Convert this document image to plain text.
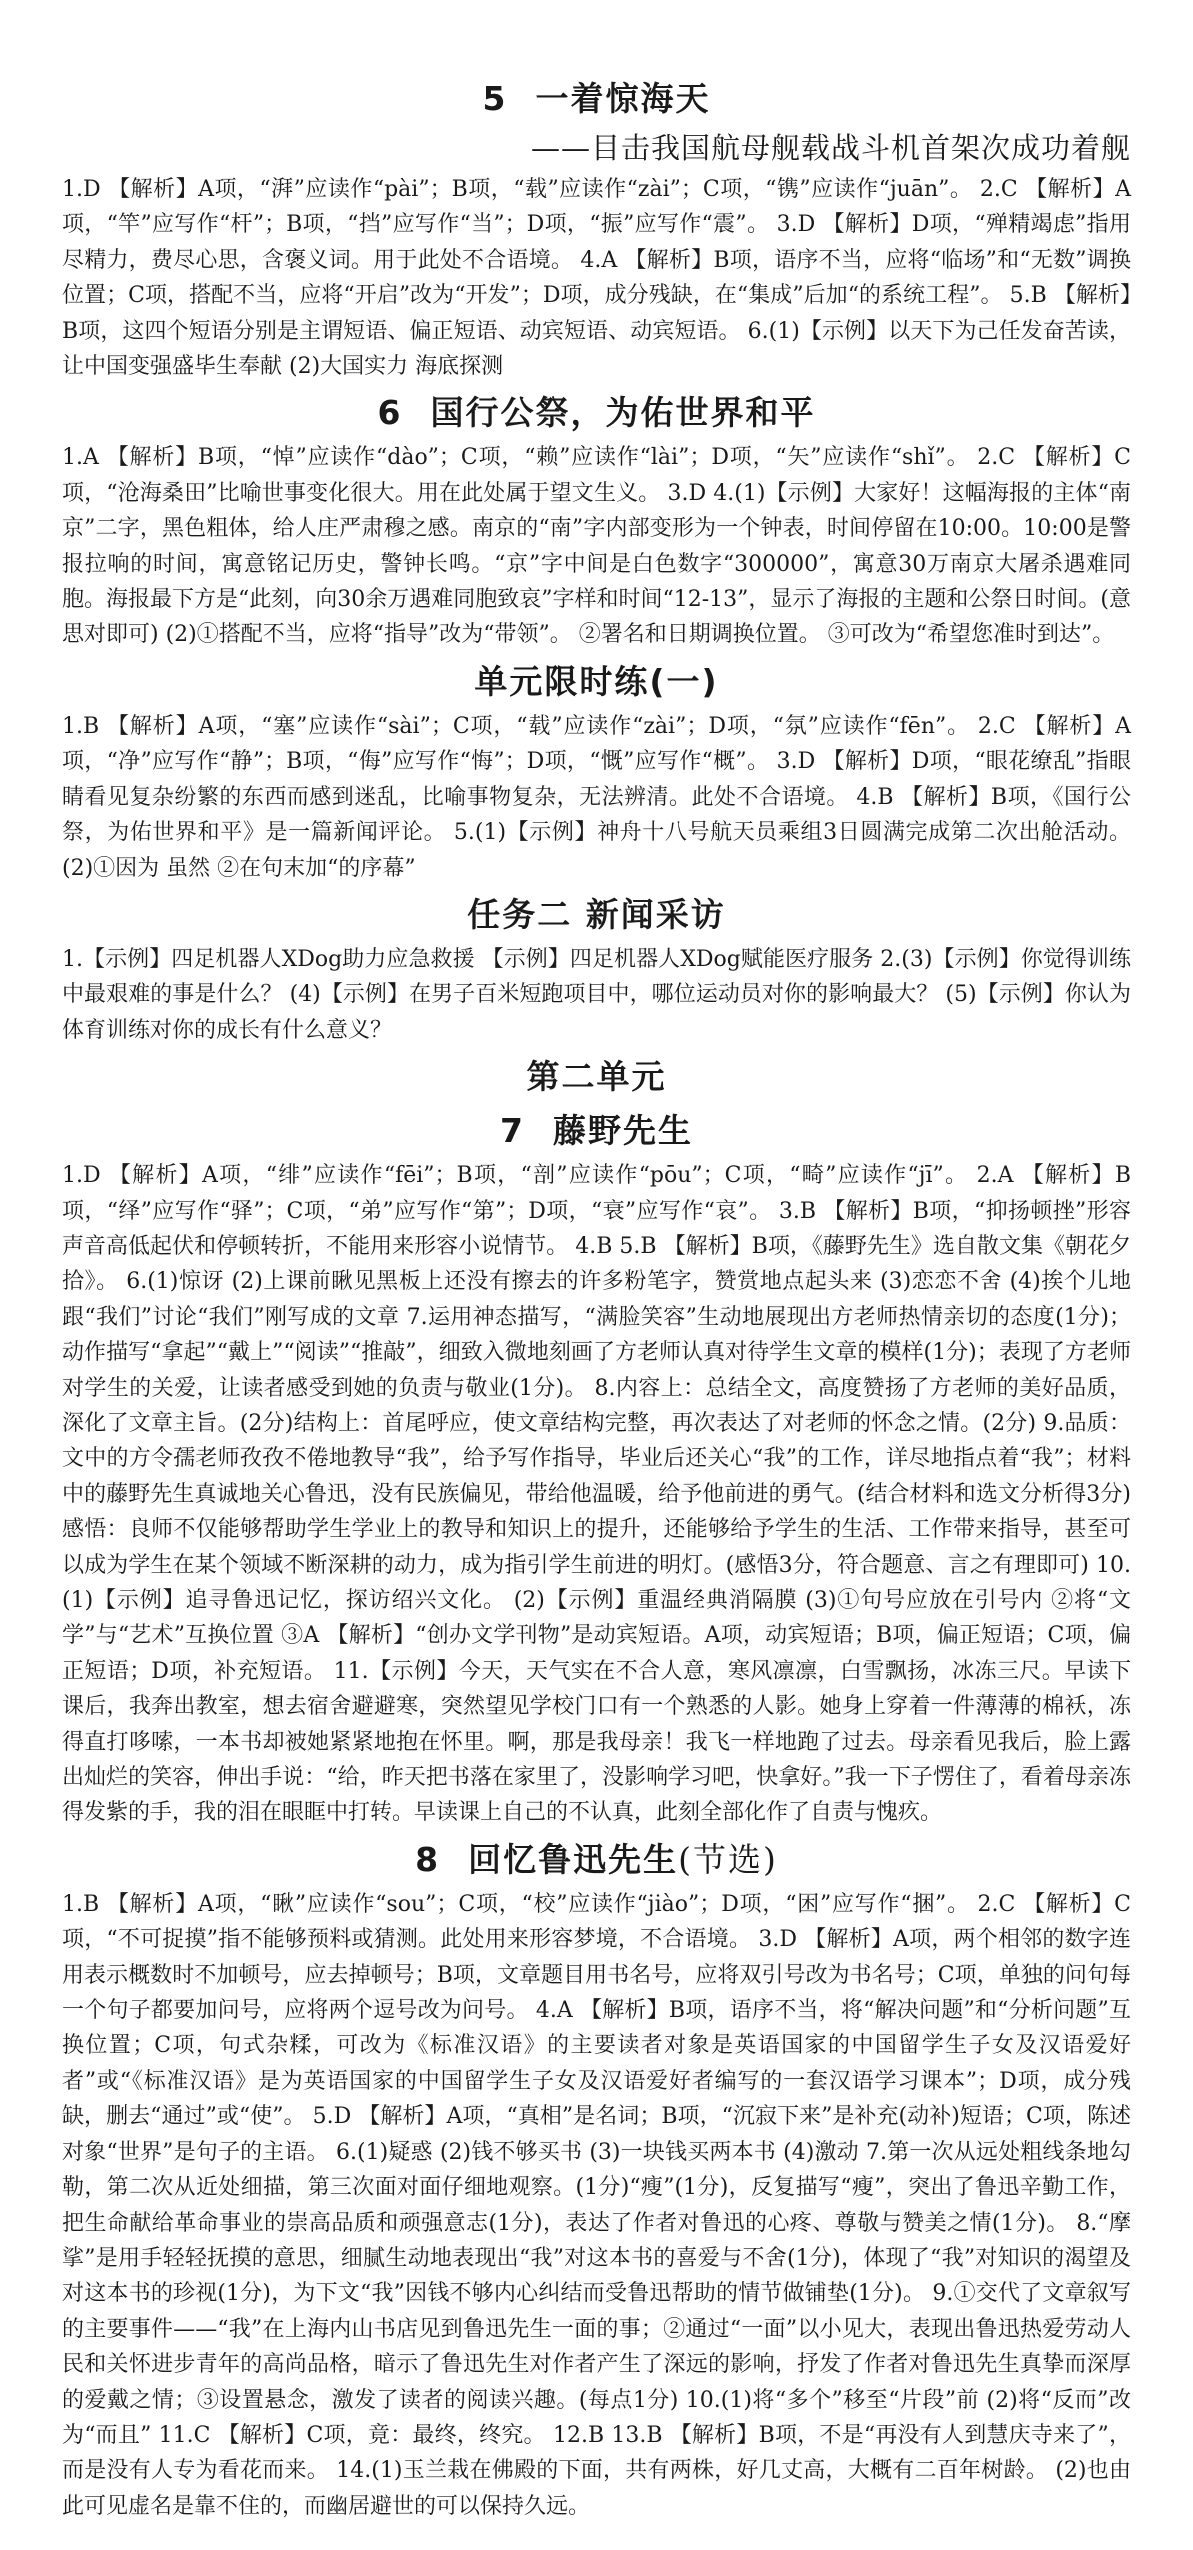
5 一着惊海天
——目击我国航母舰载战斗机首架次成功着舰

1.D 【解析】A项，“湃”应读作“pài”；B项，“载”应读作“zài”；C项，“镌”应读作“juān”。 2.C 【解析】A项，“竿”应写作“杆”；B项，“挡”应写作“当”；D项，“振”应写作“震”。 3.D 【解析】D项，“殚精竭虑”指用尽精力，费尽心思，含褒义词。用于此处不合语境。 4.A 【解析】B项，语序不当，应将“临场”和“无数”调换位置；C项，搭配不当，应将“开启”改为“开发”；D项，成分残缺，在“集成”后加“的系统工程”。 5.B 【解析】B项，这四个短语分别是主谓短语、偏正短语、动宾短语、动宾短语。 6.(1)【示例】以天下为己任发奋苦读，让中国变强盛毕生奉献 (2)大国实力 海底探测

6 国行公祭，为佑世界和平

1.A 【解析】B项，“悼”应读作“dào”；C项，“赖”应读作“lài”；D项，“矢”应读作“shǐ”。 2.C 【解析】C项，“沧海桑田”比喻世事变化很大。用在此处属于望文生义。 3.D 4.(1)【示例】大家好！这幅海报的主体“南京”二字，黑色粗体，给人庄严肃穆之感。南京的“南”字内部变形为一个钟表，时间停留在10:00。10:00是警报拉响的时间，寓意铭记历史，警钟长鸣。“京”字中间是白色数字“300000”，寓意30万南京大屠杀遇难同胞。海报最下方是“此刻，向30余万遇难同胞致哀”字样和时间“12-13”，显示了海报的主题和公祭日时间。(意思对即可) (2)①搭配不当，应将“指导”改为“带领”。 ②署名和日期调换位置。 ③可改为“希望您准时到达”。

单元限时练(一)

1.B 【解析】A项，“塞”应读作“sài”；C项，“载”应读作“zài”；D项，“氛”应读作“fēn”。 2.C 【解析】A项，“净”应写作“静”；B项，“侮”应写作“悔”；D项，“慨”应写作“概”。 3.D 【解析】D项，“眼花缭乱”指眼睛看见复杂纷繁的东西而感到迷乱，比喻事物复杂，无法辨清。此处不合语境。 4.B 【解析】B项，《国行公祭，为佑世界和平》是一篇新闻评论。 5.(1)【示例】神舟十八号航天员乘组3日圆满完成第二次出舱活动。 (2)①因为 虽然 ②在句末加“的序幕”

任务二 新闻采访

1.【示例】四足机器人XDog助力应急救援 【示例】四足机器人XDog赋能医疗服务 2.(3)【示例】你觉得训练中最艰难的事是什么？ (4)【示例】在男子百米短跑项目中，哪位运动员对你的影响最大？ (5)【示例】你认为体育训练对你的成长有什么意义？

第二单元
7 藤野先生

1.D 【解析】A项，“绯”应读作“fēi”；B项，“剖”应读作“pōu”；C项，“畸”应读作“jī”。 2.A 【解析】B项，“绎”应写作“驿”；C项，“弟”应写作“第”；D项，“衰”应写作“哀”。 3.B 【解析】B项，“抑扬顿挫”形容声音高低起伏和停顿转折，不能用来形容小说情节。 4.B 5.B 【解析】B项，《藤野先生》选自散文集《朝花夕拾》。 6.(1)惊讶 (2)上课前瞅见黑板上还没有擦去的许多粉笔字，赞赏地点起头来 (3)恋恋不舍 (4)挨个儿地跟“我们”讨论“我们”刚写成的文章 7.运用神态描写，“满脸笑容”生动地展现出方老师热情亲切的态度(1分)；动作描写“拿起”“戴上”“阅读”“推敲”，细致入微地刻画了方老师认真对待学生文章的模样(1分)；表现了方老师对学生的关爱，让读者感受到她的负责与敬业(1分)。 8.内容上：总结全文，高度赞扬了方老师的美好品质，深化了文章主旨。(2分)结构上：首尾呼应，使文章结构完整，再次表达了对老师的怀念之情。(2分) 9.品质：文中的方令孺老师孜孜不倦地教导“我”，给予写作指导，毕业后还关心“我”的工作，详尽地指点着“我”；材料中的藤野先生真诚地关心鲁迅，没有民族偏见，带给他温暖，给予他前进的勇气。(结合材料和选文分析得3分)感悟：良师不仅能够帮助学生学业上的教导和知识上的提升，还能够给予学生的生活、工作带来指导，甚至可以成为学生在某个领域不断深耕的动力，成为指引学生前进的明灯。(感悟3分，符合题意、言之有理即可) 10.(1)【示例】追寻鲁迅记忆，探访绍兴文化。 (2)【示例】重温经典消隔膜 (3)①句号应放在引号内 ②将“文学”与“艺术”互换位置 ③A 【解析】“创办文学刊物”是动宾短语。A项，动宾短语；B项，偏正短语；C项，偏正短语；D项，补充短语。 11.【示例】今天，天气实在不合人意，寒风凛凛，白雪飘扬，冰冻三尺。早读下课后，我奔出教室，想去宿舍避避寒，突然望见学校门口有一个熟悉的人影。她身上穿着一件薄薄的棉袄，冻得直打哆嗦，一本书却被她紧紧地抱在怀里。啊，那是我母亲！我飞一样地跑了过去。母亲看见我后，脸上露出灿烂的笑容，伸出手说：“给，昨天把书落在家里了，没影响学习吧，快拿好。”我一下子愣住了，看着母亲冻得发紫的手，我的泪在眼眶中打转。早读课上自己的不认真，此刻全部化作了自责与愧疚。

8 回忆鲁迅先生(节选)

1.B 【解析】A项，“瞅”应读作“sou”；C项，“校”应读作“jiào”；D项，“困”应写作“捆”。 2.C 【解析】C项，“不可捉摸”指不能够预料或猜测。此处用来形容梦境，不合语境。 3.D 【解析】A项，两个相邻的数字连用表示概数时不加顿号，应去掉顿号；B项，文章题目用书名号，应将双引号改为书名号；C项，单独的问句每一个句子都要加问号，应将两个逗号改为问号。 4.A 【解析】B项，语序不当，将“解决问题”和“分析问题”互换位置；C项，句式杂糅，可改为《标准汉语》的主要读者对象是英语国家的中国留学生子女及汉语爱好者”或“《标准汉语》是为英语国家的中国留学生子女及汉语爱好者编写的一套汉语学习课本”；D项，成分残缺，删去“通过”或“使”。 5.D 【解析】A项，“真相”是名词；B项，“沉寂下来”是补充(动补)短语；C项，陈述对象“世界”是句子的主语。 6.(1)疑惑 (2)钱不够买书 (3)一块钱买两本书 (4)激动 7.第一次从远处粗线条地勾勒，第二次从近处细描，第三次面对面仔细地观察。(1分)“瘦”(1分)，反复描写“瘦”，突出了鲁迅辛勤工作，把生命献给革命事业的崇高品质和顽强意志(1分)，表达了作者对鲁迅的心疼、尊敬与赞美之情(1分)。 8.“摩挲”是用手轻轻抚摸的意思，细腻生动地表现出“我”对这本书的喜爱与不舍(1分)，体现了“我”对知识的渴望及对这本书的珍视(1分)，为下文“我”因钱不够内心纠结而受鲁迅帮助的情节做铺垫(1分)。 9.①交代了文章叙写的主要事件——“我”在上海内山书店见到鲁迅先生一面的事；②通过“一面”以小见大，表现出鲁迅热爱劳动人民和关怀进步青年的高尚品格，暗示了鲁迅先生对作者产生了深远的影响，抒发了作者对鲁迅先生真挚而深厚的爱戴之情；③设置悬念，激发了读者的阅读兴趣。(每点1分) 10.(1)将“多个”移至“片段”前 (2)将“反而”改为“而且” 11.C 【解析】C项，竟：最终，终究。 12.B 13.B 【解析】B项，不是“再没有人到慧庆寺来了”，而是没有人专为看花而来。 14.(1)玉兰栽在佛殿的下面，共有两株，好几丈高，大概有二百年树龄。 (2)也由此可见虚名是靠不住的，而幽居避世的可以保持久远。
